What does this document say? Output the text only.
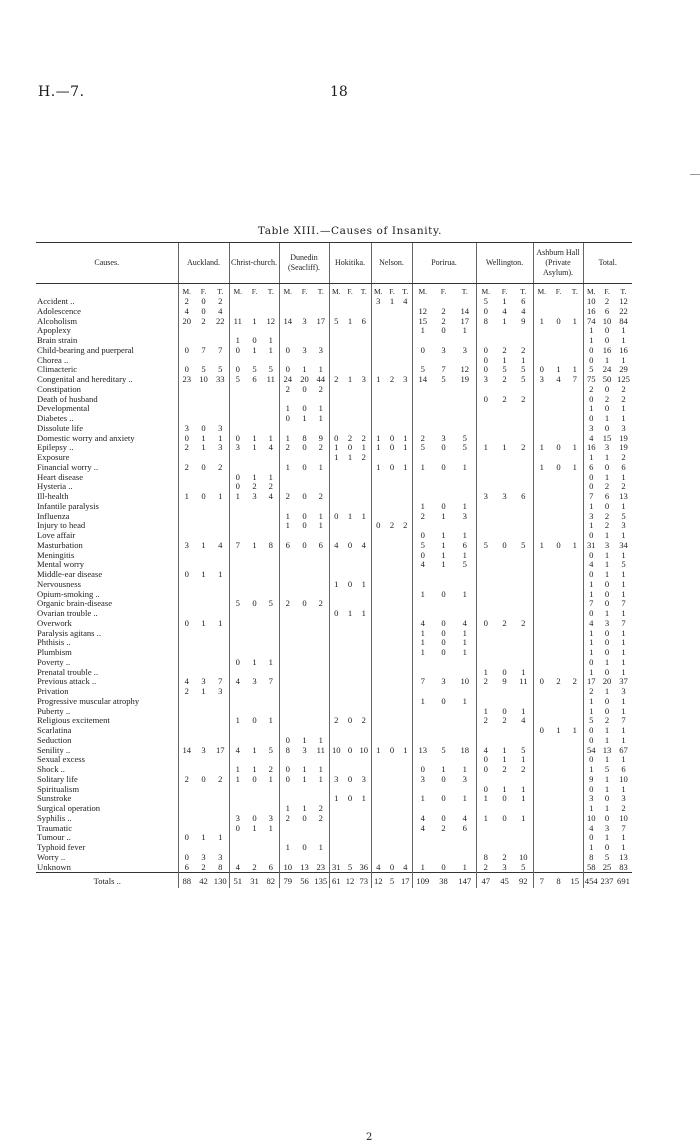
H.—7.	18
Table XIII.—Causes of Insanity.
Causes.	Auckland.			Christ-church.			Dunedin (Seacliff).			Hokitika.			Nelson.			Porirua.			Wellington.			Ashburn Hall (Private Asylum).			Total.		
	M.	F.	T.	M.	F.	T.	M.	F.	T.	M.	F.	T.	M.	F.	T.	M.	F.	T.	M.	F.	T.	M.	F.	T.	M.	F.	T.
Accident ..	2	0	2										3	1	4				5	1	6				10	2	12
Adolescence	4	0	4													12	2	14	0	4	4				16	6	22
Alcoholism	20	2	22	11	1	12	14	3	17	5	1	6				15	2	17	8	1	9	1	0	1	74	10	84
Apoplexy																1	0	1							1	0	1
Brain strain				1	0	1																			1	0	1
Child-bearing and puerperal	0	7	7	0	1	1	0	3	3							0	3	3	0	2	2				0	16	16
Chorea ..																			0	1	1				0	1	1
Climacteric	0	5	5	0	5	5	0	1	1							5	7	12	0	5	5	0	1	1	5	24	29
Congenital and hereditary ..	23	10	33	5	6	11	24	20	44	2	1	3	1	2	3	14	5	19	3	2	5	3	4	7	75	50	125
Constipation							2	0	2																2	0	2
Death of husband																			0	2	2				0	2	2
Developmental							1	0	1																1	0	1
Diabetes ..							0	1	1																0	1	1
Dissolute life	3	0	3																						3	0	3
Domestic worry and anxiety	0	1	1	0	1	1	1	8	9	0	2	2	1	0	1	2	3	5							4	15	19
Epilepsy ..	2	1	3	3	1	4	2	0	2	1	0	1	1	0	1	5	0	5	1	1	2	1	0	1	16	3	19
Exposure										1	1	2													1	1	2
Financial worry ..	2	0	2				1	0	1				1	0	1	1	0	1				1	0	1	6	0	6
Heart disease				0	1	1																			0	1	1
Hysteria ..				0	2	2																			0	2	2
Ill-health	1	0	1	1	3	4	2	0	2										3	3	6				7	6	13
Infantile paralysis																1	0	1							1	0	1
Influenza							1	0	1	0	1	1				2	1	3							3	2	5
Injury to head							1	0	1				0	2	2										1	2	3
Love affair																0	1	1							0	1	1
Masturbation	3	1	4	7	1	8	6	0	6	4	0	4				5	1	6	5	0	5	1	0	1	31	3	34
Meningitis																0	1	1							0	1	1
Mental worry																4	1	5							4	1	5
Middle-ear disease	0	1	1																						0	1	1
Nervousness										1	0	1													1	0	1
Opium-smoking ..																1	0	1							1	0	1
Organic brain-disease				5	0	5	2	0	2																7	0	7
Ovarian trouble ..										0	1	1													0	1	1
Overwork	0	1	1													4	0	4	0	2	2				4	3	7
Paralysis agitans ..																1	0	1							1	0	1
Phthisis ..																1	0	1							1	0	1
Plumbism																1	0	1							1	0	1
Poverty ..				0	1	1																			0	1	1
Prenatal trouble ..																			1	0	1				1	0	1
Previous attack ..	4	3	7	4	3	7										7	3	10	2	9	11	0	2	2	17	20	37
Privation	2	1	3																						2	1	3
Progressive muscular atrophy																1	0	1							1	0	1
Puberty ..																			1	0	1				1	0	1
Religious excitement				1	0	1				2	0	2							2	2	4				5	2	7
Scarlatina																						0	1	1	0	1	1
Seduction							0	1	1																0	1	1
Senility ..	14	3	17	4	1	5	8	3	11	10	0	10	1	0	1	13	5	18	4	1	5				54	13	67
Sexual excess																			0	1	1				0	1	1
Shock ..				1	1	2	0	1	1							0	1	1	0	2	2				1	5	6
Solitary life	2	0	2	1	0	1	0	1	1	3	0	3				3	0	3							9	1	10
Spiritualism																			0	1	1				0	1	1
Sunstroke										1	0	1				1	0	1	1	0	1				3	0	3
Surgical operation							1	1	2																1	1	2
Syphilis ..				3	0	3	2	0	2							4	0	4	1	0	1				10	0	10
Traumatic				0	1	1										4	2	6							4	3	7
Tumour ..	0	1	1																						0	1	1
Typhoid fever							1	0	1																1	0	1
Worry ..	0	3	3																8	2	10				8	5	13
Unknown	6	2	8	4	2	6	10	13	23	31	5	36	4	0	4	1	0	1	2	3	5				58	25	83
Totals ..	88	42	130	51	31	82	79	56	135	61	12	73	12	5	17	109	38	147	47	45	92	7	8	15	454	237	691
2
